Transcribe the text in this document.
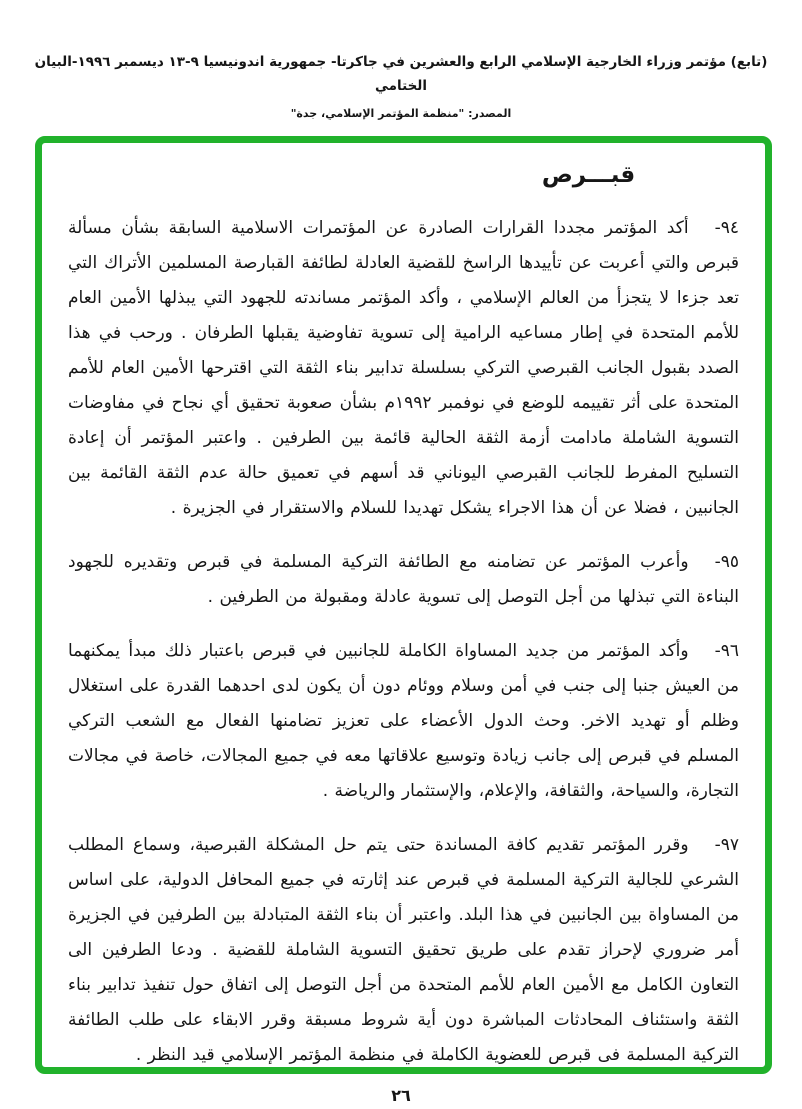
(تابع) مؤتمر وزراء الخارجية الإسلامي الرابع والعشرين في جاكرتا- جمهورية اندونيسيا ٩-١٣ ديسمبر ١٩٩٦-البيان الختامي
المصدر: "منظمة المؤتمر الإسلامي، جدة"
قبـــرص
٩٤-أكد المؤتمر مجددا القرارات الصادرة عن المؤتمرات الاسلامية السابقة بشأن مسألة قبرص والتي أعربت عن تأييدها الراسخ للقضية العادلة لطائفة القبارصة المسلمين الأتراك التي تعد جزءا لا يتجزأ من العالم الإسلامي ، وأكد المؤتمر مساندته للجهود التي يبذلها الأمين العام للأمم المتحدة في إطار مساعيه الرامية إلى تسوية تفاوضية يقبلها الطرفان . ورحب في هذا الصدد بقبول الجانب القبرصي التركي بسلسلة تدابير بناء الثقة التي اقترحها الأمين العام للأمم المتحدة على أثر تقييمه للوضع في نوفمبر ١٩٩٢م بشأن صعوبة تحقيق أي نجاح في مفاوضات التسوية الشاملة مادامت أزمة الثقة الحالية قائمة بين الطرفين . واعتبر المؤتمر أن إعادة التسليح المفرط للجانب القبرصي اليوناني قد أسهم في تعميق حالة عدم الثقة القائمة بين الجانبين ، فضلا عن أن هذا الاجراء يشكل تهديدا للسلام والاستقرار في الجزيرة .
٩٥-وأعرب المؤتمر عن تضامنه مع الطائفة التركية المسلمة في قبرص وتقديره للجهود البناءة التي تبذلها من أجل التوصل إلى تسوية عادلة ومقبولة من الطرفين .
٩٦-وأكد المؤتمر من جديد المساواة الكاملة للجانبين في قبرص باعتبار ذلك مبدأ يمكنهما من العيش جنبا إلى جنب في أمن وسلام ووئام دون أن يكون لدى احدهما القدرة على استغلال وظلم أو تهديد الاخر. وحث الدول الأعضاء على تعزيز تضامنها الفعال مع الشعب التركي المسلم في قبرص إلى جانب زيادة وتوسيع علاقاتها معه في جميع المجالات، خاصة في مجالات التجارة، والسياحة، والثقافة، والإعلام، والإستثمار والرياضة .
٩٧-وقرر المؤتمر تقديم كافة المساندة حتى يتم حل المشكلة القبرصية، وسماع المطلب الشرعي للجالية التركية المسلمة في قبرص عند إثارته في جميع المحافل الدولية، على اساس من المساواة بين الجانبين في هذا البلد. واعتبر أن بناء الثقة المتبادلة بين الطرفين في الجزيرة أمر ضروري لإحراز تقدم على طريق تحقيق التسوية الشاملة للقضية . ودعا الطرفين الى التعاون الكامل مع الأمين العام للأمم المتحدة من أجل التوصل إلى اتفاق حول تنفيذ تدابير بناء الثقة واستئناف المحادثات المباشرة دون أية شروط مسبقة وقرر الابقاء على طلب الطائفة التركية المسلمة فى قبرص للعضوية الكاملة في منظمة المؤتمر الإسلامي قيد النظر .
٢٦
